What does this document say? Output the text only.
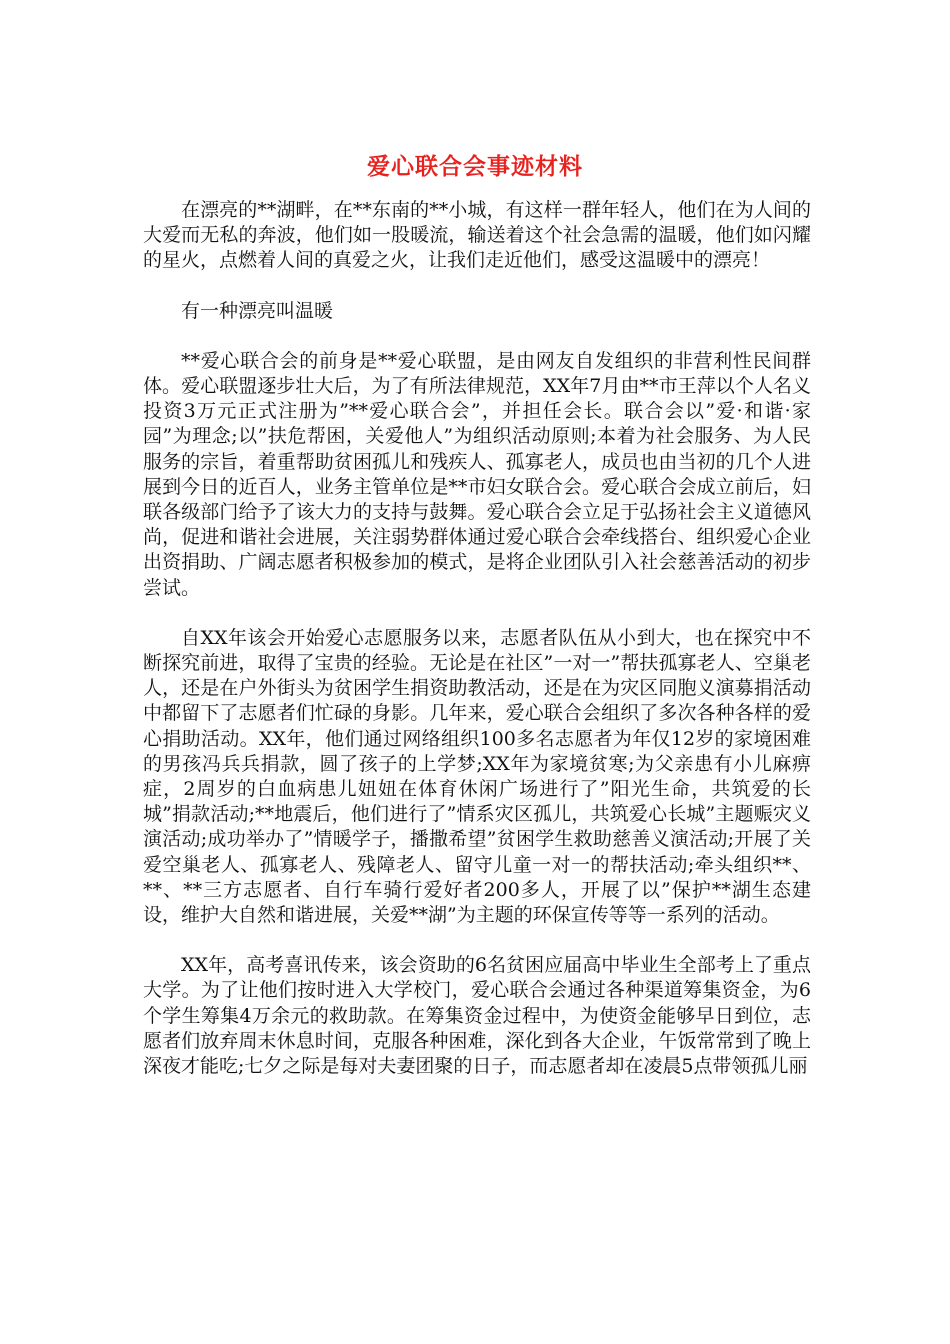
爱心联合会事迹材料

在漂亮的**湖畔，在**东南的**小城，有这样一群年轻人，他们在为人间的大爱而无私的奔波，他们如一股暖流，输送着这个社会急需的温暖，他们如闪耀的星火，点燃着人间的真爱之火，让我们走近他们，感受这温暖中的漂亮！

有一种漂亮叫温暖

**爱心联合会的前身是**爱心联盟，是由网友自发组织的非营利性民间群体。爱心联盟逐步壮大后，为了有所法律规范，XX年7月由**市王萍以个人名义投资3万元正式注册为”**爱心联合会”，并担任会长。联合会以”爱·和谐·家园”为理念;以”扶危帮困，关爱他人”为组织活动原则;本着为社会服务、为人民服务的宗旨，着重帮助贫困孤儿和残疾人、孤寡老人，成员也由当初的几个人进展到今日的近百人，业务主管单位是**市妇女联合会。爱心联合会成立前后，妇联各级部门给予了该大力的支持与鼓舞。爱心联合会立足于弘扬社会主义道德风尚，促进和谐社会进展，关注弱势群体通过爱心联合会牵线搭台、组织爱心企业出资捐助、广阔志愿者积极参加的模式，是将企业团队引入社会慈善活动的初步尝试。

自XX年该会开始爱心志愿服务以来，志愿者队伍从小到大，也在探究中不断探究前进，取得了宝贵的经验。无论是在社区”一对一”帮扶孤寡老人、空巢老人，还是在户外街头为贫困学生捐资助教活动，还是在为灾区同胞义演募捐活动中都留下了志愿者们忙碌的身影。几年来，爱心联合会组织了多次各种各样的爱心捐助活动。XX年，他们通过网络组织100多名志愿者为年仅12岁的家境困难的男孩冯兵兵捐款，圆了孩子的上学梦;XX年为家境贫寒;为父亲患有小儿麻痹症，2周岁的白血病患儿妞妞在体育休闲广场进行了”阳光生命，共筑爱的长城”捐款活动;**地震后，他们进行了”情系灾区孤儿，共筑爱心长城”主题赈灾义演活动;成功举办了”情暖学子，播撒希望”贫困学生救助慈善义演活动;开展了关爱空巢老人、孤寡老人、残障老人、留守儿童一对一的帮扶活动;牵头组织**、**、**三方志愿者、自行车骑行爱好者200多人，开展了以”保护**湖生态建设，维护大自然和谐进展，关爱**湖”为主题的环保宣传等等一系列的活动。

XX年，高考喜讯传来，该会资助的6名贫困应届高中毕业生全部考上了重点大学。为了让他们按时进入大学校门，爱心联合会通过各种渠道筹集资金，为6个学生筹集4万余元的救助款。在筹集资金过程中，为使资金能够早日到位，志愿者们放弃周末休息时间，克服各种困难，深化到各大企业，午饭常常到了晚上深夜才能吃;七夕之际是每对夫妻团聚的日子，而志愿者却在凌晨5点带领孤儿丽
